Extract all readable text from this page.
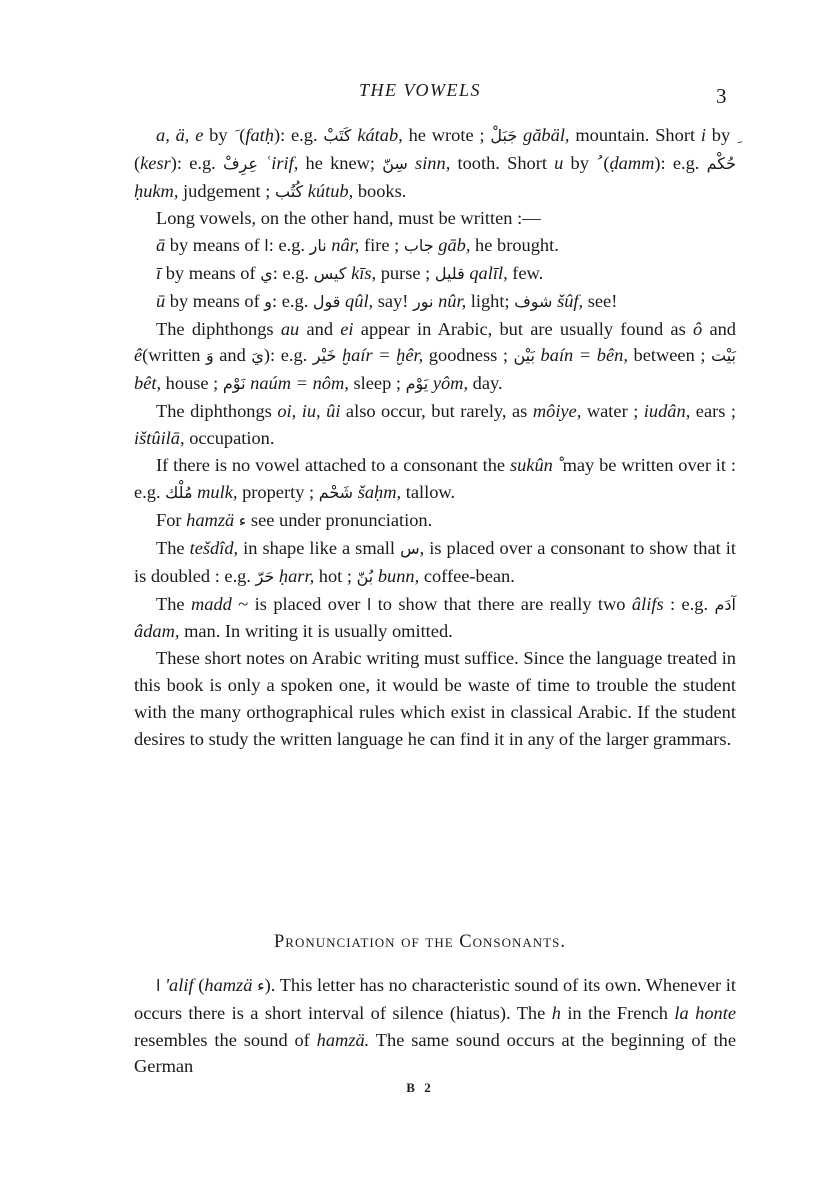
THE VOWELS	3

a, ä, e by (fatḥ): e.g. كَتَبْ kátab, he wrote ; جَبَلْ găbäl, mountain. Short i by (kesr): e.g. عِرِفْ ʿirif, he knew; سِنّ sinn, tooth. Short u by (ḍamm): e.g. حُكْم ḥukm, judgement ; كُتُب kútub, books.

Long vowels, on the other hand, must be written :—

ā by means of ا: e.g. نار nâr, fire ; جاب gāb, he brought.

ī by means of ي: e.g. كيس kīs, purse ; قليل qalīl, few.

ū by means of و: e.g. قول qûl, say! نور nûr, light; شوف šûf, see!

The diphthongs au and ei appear in Arabic, but are usually found as ô and ê(written وَ and يَ): e.g. خَيْر ḫaír = ḫêr, goodness ; بَيْن baín = bên, between ; بَيْت bêt, house ; نَوْم naúm = nôm, sleep ; يَوْم yôm, day.

The diphthongs oi, iu, ûi also occur, but rarely, as môiye, water ; iudân, ears ; ištûilā, occupation.

If there is no vowel attached to a consonant the sukûn may be written over it : e.g. مُلْك mulk, property ; شَحْم šaḥm, tallow.

For hamzä ء see under pronunciation.

The tešdîd, in shape like a small س, is placed over a consonant to show that it is doubled : e.g. حَرّ ḥarr, hot ; بُنّ bunn, coffee-bean.

The madd ~ is placed over ا to show that there are really two âlifs : e.g. آدَم âdam, man. In writing it is usually omitted.

These short notes on Arabic writing must suffice. Since the language treated in this book is only a spoken one, it would be waste of time to trouble the student with the many orthographical rules which exist in classical Arabic. If the student desires to study the written language he can find it in any of the larger grammars.

Pronunciation of the Consonants.

ا 'alif (hamzä ء). This letter has no characteristic sound of its own. Whenever it occurs there is a short interval of silence (hiatus). The h in the French la honte resembles the sound of hamzä. The same sound occurs at the beginning of the German

B 2
